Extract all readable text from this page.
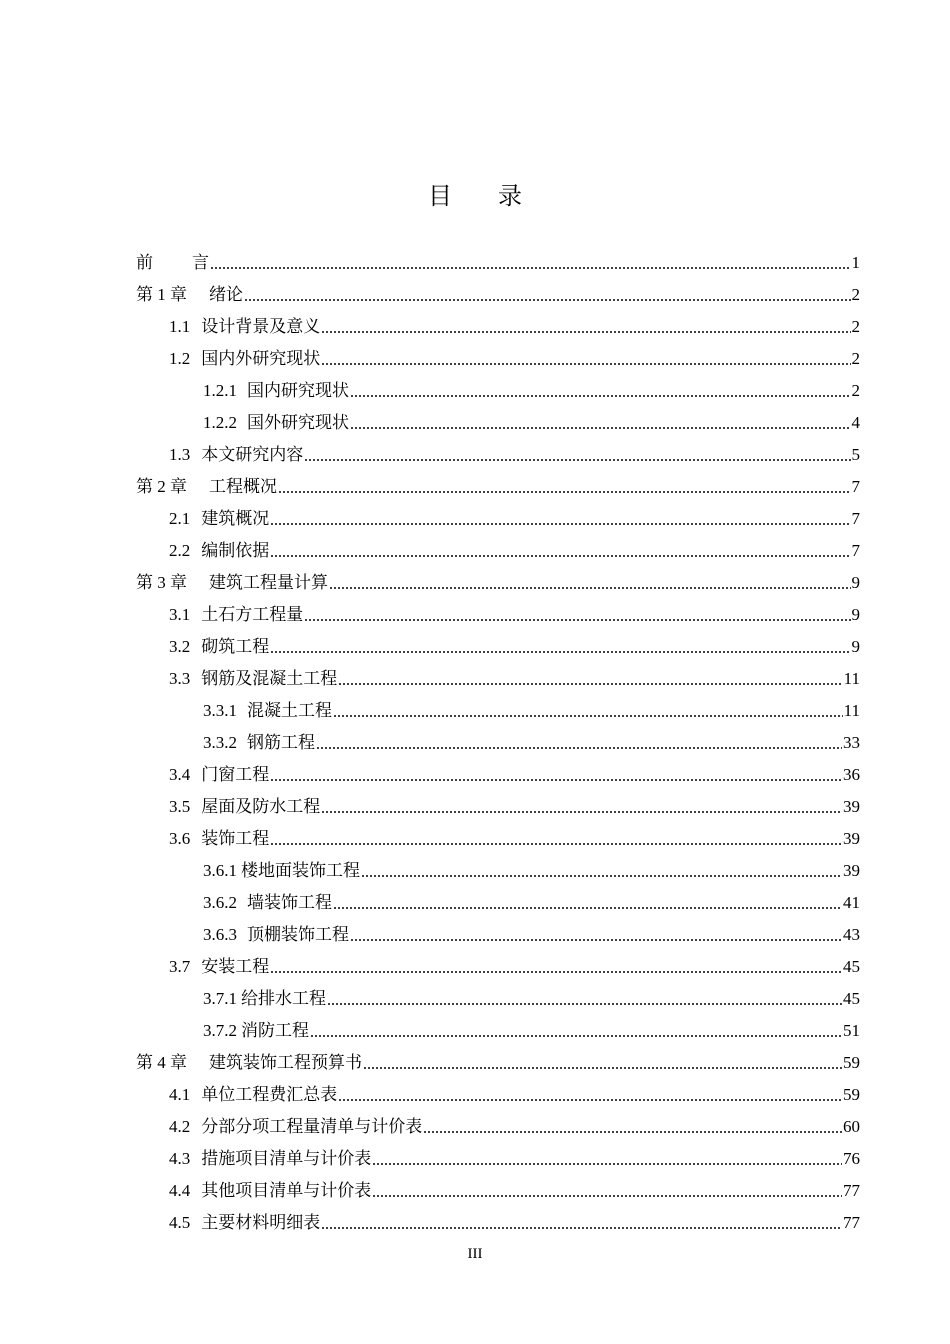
目 录
前 言	1
第 1 章 绪论	2
1.1 设计背景及意义	2
1.2 国内外研究现状	2
1.2.1 国内研究现状	2
1.2.2 国外研究现状	4
1.3 本文研究内容	5
第 2 章 工程概况	7
2.1 建筑概况	7
2.2 编制依据	7
第 3 章 建筑工程量计算	9
3.1 土石方工程量	9
3.2 砌筑工程	9
3.3 钢筋及混凝土工程	11
3.3.1 混凝土工程	11
3.3.2 钢筋工程	33
3.4 门窗工程	36
3.5 屋面及防水工程	39
3.6 装饰工程	39
3.6.1 楼地面装饰工程	39
3.6.2 墙装饰工程	41
3.6.3 顶棚装饰工程	43
3.7 安装工程	45
3.7.1 给排水工程	45
3.7.2 消防工程	51
第 4 章 建筑装饰工程预算书	59
4.1 单位工程费汇总表	59
4.2 分部分项工程量清单与计价表	60
4.3 措施项目清单与计价表	76
4.4 其他项目清单与计价表	77
4.5 主要材料明细表	77
III
